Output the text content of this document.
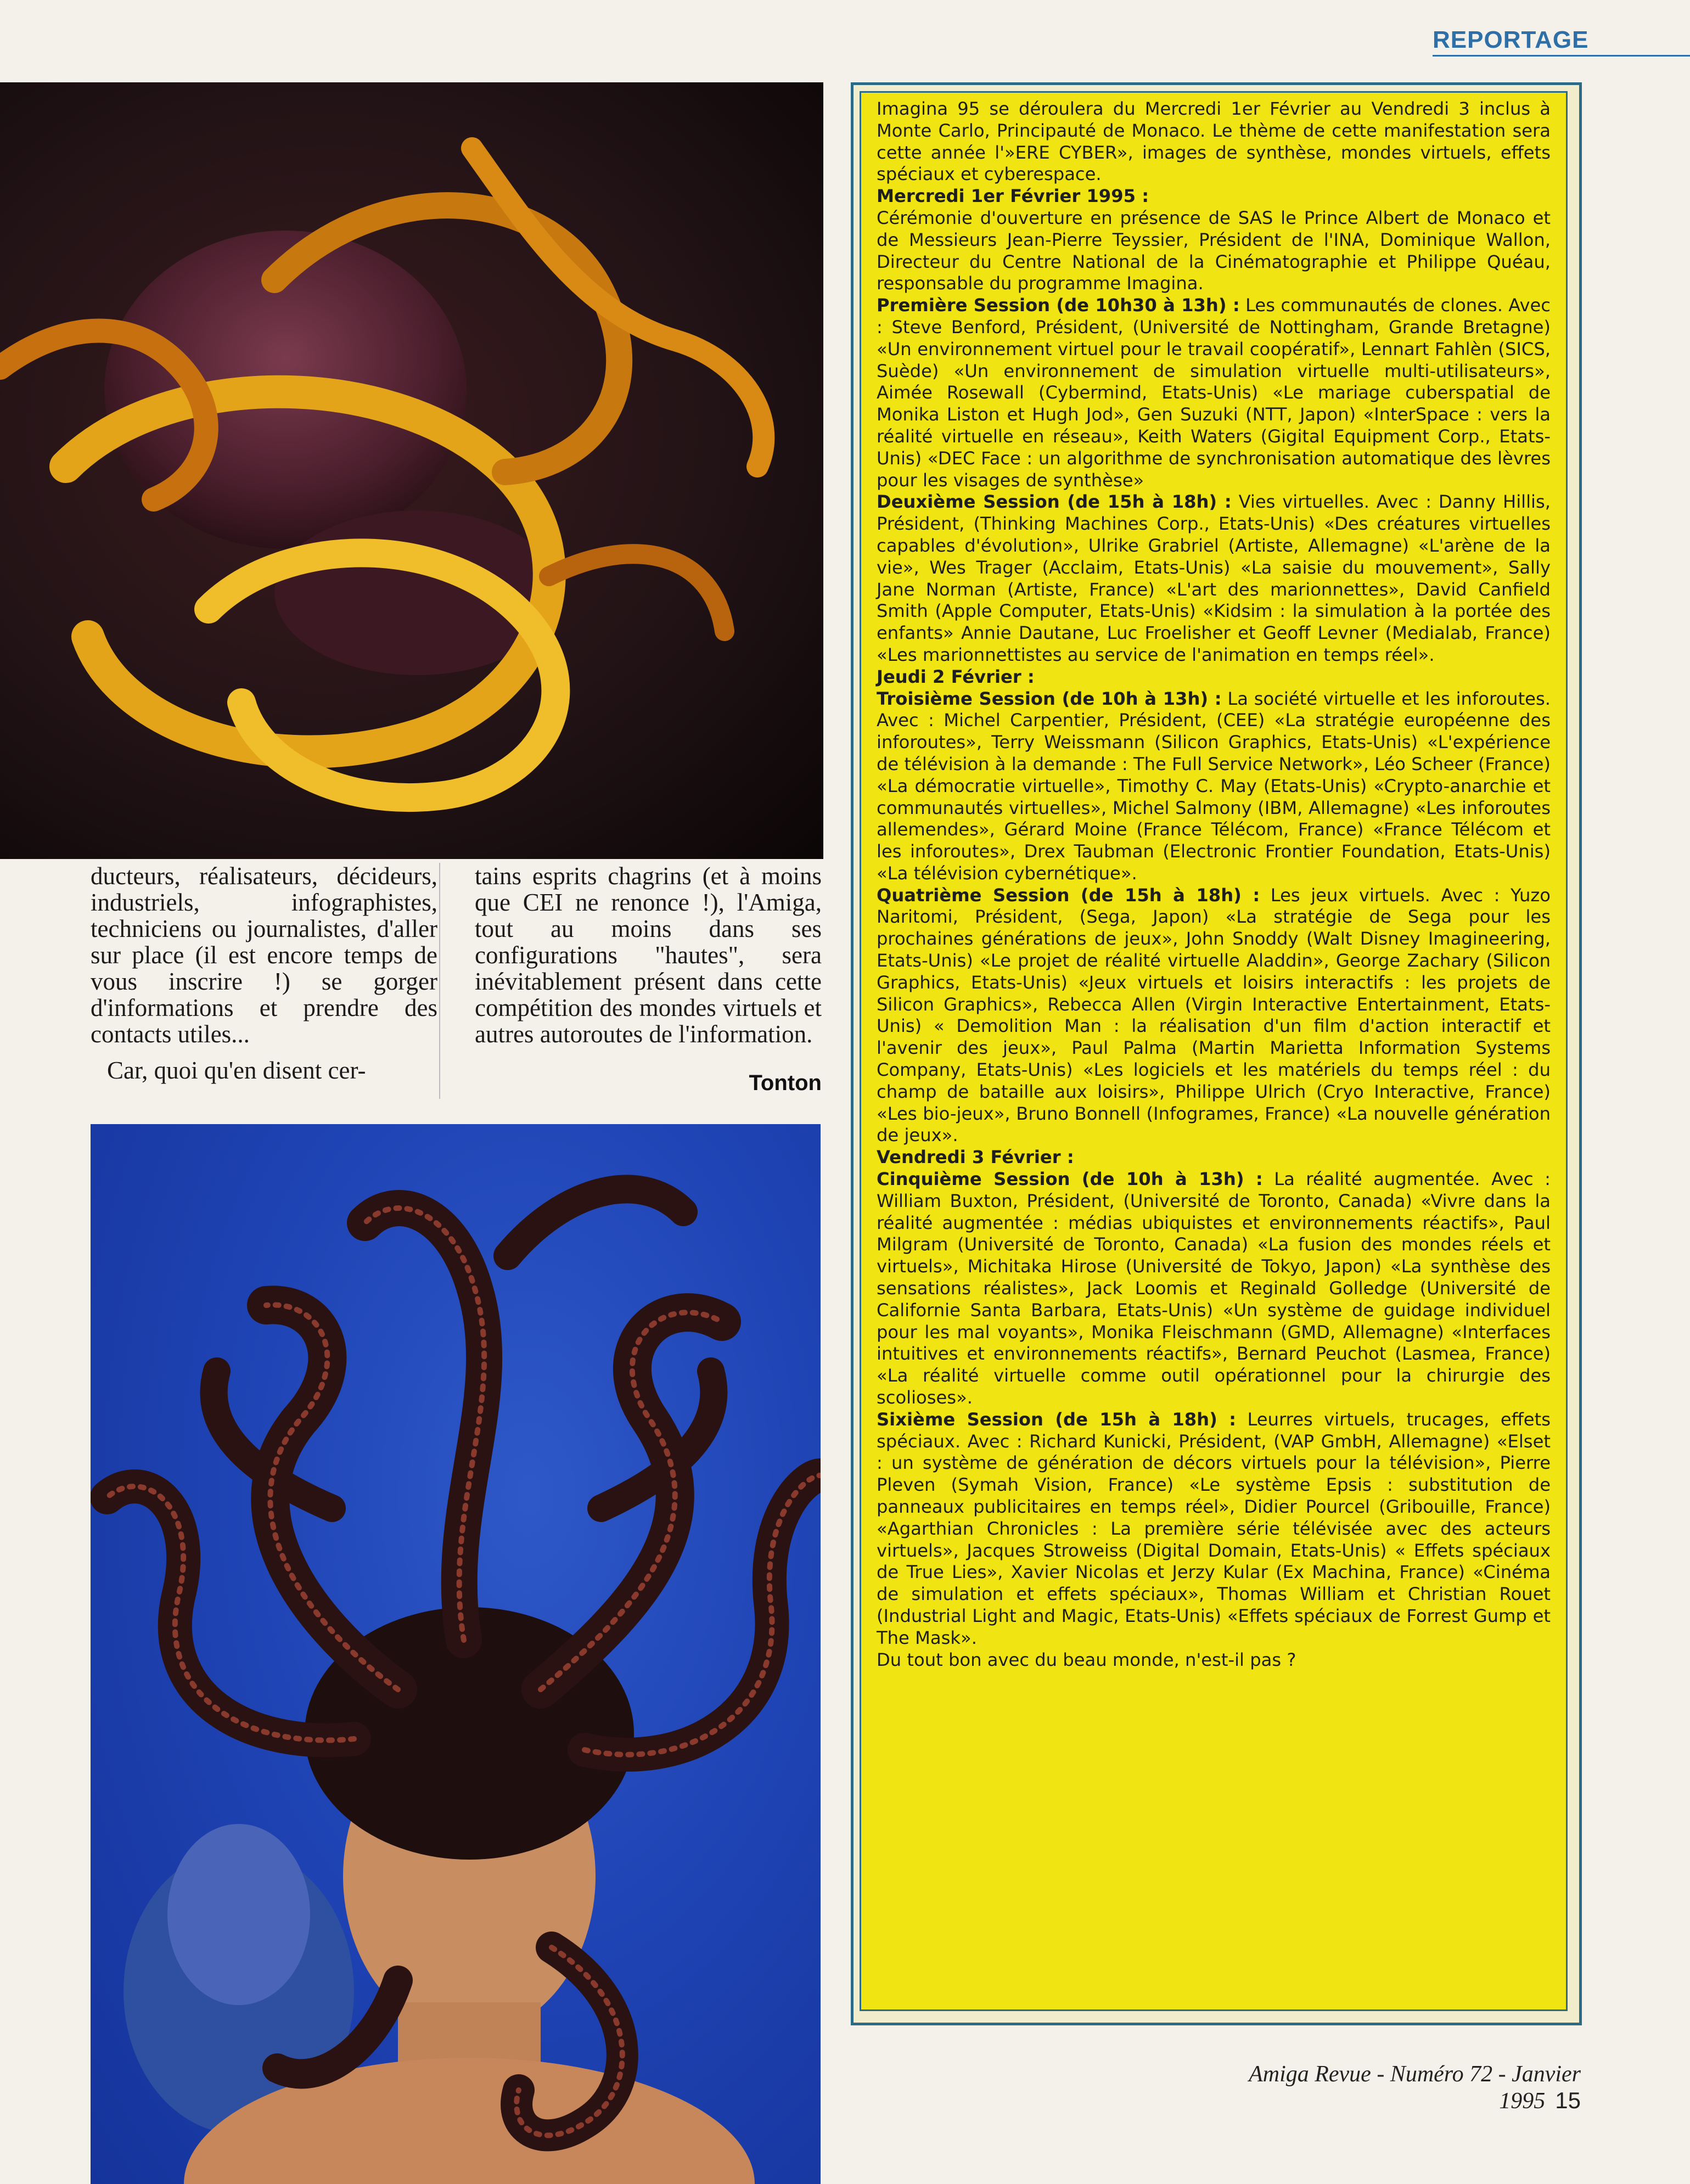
REPORTAGE

ducteurs, réalisateurs, décideurs, industriels, infographistes, techniciens ou journalistes, d'aller sur place (il est encore temps de vous inscrire !) se gorger d'informations et prendre des contacts utiles...

Car, quoi qu'en disent cer-

tains esprits chagrins (et à moins que CEI ne renonce !), l'Amiga, tout au moins dans ses configurations "hautes", sera inévitablement présent dans cette compétition des mondes virtuels et autres autoroutes de l'information.

Tonton

Imagina 95 se déroulera du Mercredi 1er Février au Vendredi 3 inclus à Monte Carlo, Principauté de Monaco. Le thème de cette manifestation sera cette année l'»ERE CYBER», images de synthèse, mondes virtuels, effets spéciaux et cyberespace.

Mercredi 1er Février 1995 :

Cérémonie d'ouverture en présence de SAS le Prince Albert de Monaco et de Messieurs Jean-Pierre Teyssier, Président de l'INA, Dominique Wallon, Directeur du Centre National de la Cinématographie et Philippe Quéau, responsable du programme Imagina.

Première Session (de 10h30 à 13h) : Les communautés de clones. Avec : Steve Benford, Président, (Université de Nottingham, Grande Bretagne) «Un environnement virtuel pour le travail coopératif», Lennart Fahlèn (SICS, Suède) «Un environnement de simulation virtuelle multi-utilisateurs», Aimée Rosewall (Cybermind, Etats-Unis) «Le mariage cuberspatial de Monika Liston et Hugh Jod», Gen Suzuki (NTT, Japon) «InterSpace : vers la réalité virtuelle en réseau», Keith Waters (Gigital Equipment Corp., Etats-Unis) «DEC Face : un algorithme de synchronisation automatique des lèvres pour les visages de synthèse»

Deuxième Session (de 15h à 18h) : Vies virtuelles. Avec : Danny Hillis, Président, (Thinking Machines Corp., Etats-Unis) «Des créatures virtuelles capables d'évolution», Ulrike Grabriel (Artiste, Allemagne) «L'arène de la vie», Wes Trager (Acclaim, Etats-Unis) «La saisie du mouvement», Sally Jane Norman (Artiste, France) «L'art des marionnettes», David Canfield Smith (Apple Computer, Etats-Unis) «Kidsim : la simulation à la portée des enfants» Annie Dautane, Luc Froelisher et Geoff Levner (Medialab, France) «Les marionnettistes au service de l'animation en temps réel».

Jeudi 2 Février :

Troisième Session (de 10h à 13h) : La société virtuelle et les inforoutes. Avec : Michel Carpentier, Président, (CEE) «La stratégie européenne des inforoutes», Terry Weissmann (Silicon Graphics, Etats-Unis) «L'expérience de télévision à la demande : The Full Service Network», Léo Scheer (France) «La démocratie virtuelle», Timothy C. May (Etats-Unis) «Crypto-anarchie et communautés virtuelles», Michel Salmony (IBM, Allemagne) «Les inforoutes allemendes», Gérard Moine (France Télécom, France) «France Télécom et les inforoutes», Drex Taubman (Electronic Frontier Foundation, Etats-Unis) «La télévision cybernétique».

Quatrième Session (de 15h à 18h) : Les jeux virtuels. Avec : Yuzo Naritomi, Président, (Sega, Japon) «La stratégie de Sega pour les prochaines générations de jeux», John Snoddy (Walt Disney Imagineering, Etats-Unis) «Le projet de réalité virtuelle Aladdin», George Zachary (Silicon Graphics, Etats-Unis) «Jeux virtuels et loisirs interactifs : les projets de Silicon Graphics», Rebecca Allen (Virgin Interactive Entertainment, Etats-Unis) « Demolition Man : la réalisation d'un film d'action interactif et l'avenir des jeux», Paul Palma (Martin Marietta Information Systems Company, Etats-Unis) «Les logiciels et les matériels du temps réel : du champ de bataille aux loisirs», Philippe Ulrich (Cryo Interactive, France) «Les bio-jeux», Bruno Bonnell (Infogrames, France) «La nouvelle génération de jeux».

Vendredi 3 Février :

Cinquième Session (de 10h à 13h) : La réalité augmentée. Avec : William Buxton, Président, (Université de Toronto, Canada) «Vivre dans la réalité augmentée : médias ubiquistes et environnements réactifs», Paul Milgram (Université de Toronto, Canada) «La fusion des mondes réels et virtuels», Michitaka Hirose (Université de Tokyo, Japon) «La synthèse des sensations réalistes», Jack Loomis et Reginald Golledge (Université de Californie Santa Barbara, Etats-Unis) «Un système de guidage individuel pour les mal voyants», Monika Fleischmann (GMD, Allemagne) «Interfaces intuitives et environnements réactifs», Bernard Peuchot (Lasmea, France) «La réalité virtuelle comme outil opérationnel pour la chirurgie des scolioses».

Sixième Session (de 15h à 18h) : Leurres virtuels, trucages, effets spéciaux. Avec : Richard Kunicki, Président, (VAP GmbH, Allemagne) «Elset : un système de génération de décors virtuels pour la télévision», Pierre Pleven (Symah Vision, France) «Le système Epsis : substitution de panneaux publicitaires en temps réel», Didier Pourcel (Gribouille, France) «Agarthian Chronicles : La première série télévisée avec des acteurs virtuels», Jacques Stroweiss (Digital Domain, Etats-Unis) « Effets spéciaux de True Lies», Xavier Nicolas et Jerzy Kular (Ex Machina, France) «Cinéma de simulation et effets spéciaux», Thomas William et Christian Rouet (Industrial Light and Magic, Etats-Unis) «Effets spéciaux de Forrest Gump et The Mask».

Du tout bon avec du beau monde, n'est-il pas ?

Amiga Revue - Numéro 72 - Janvier 1995 15
